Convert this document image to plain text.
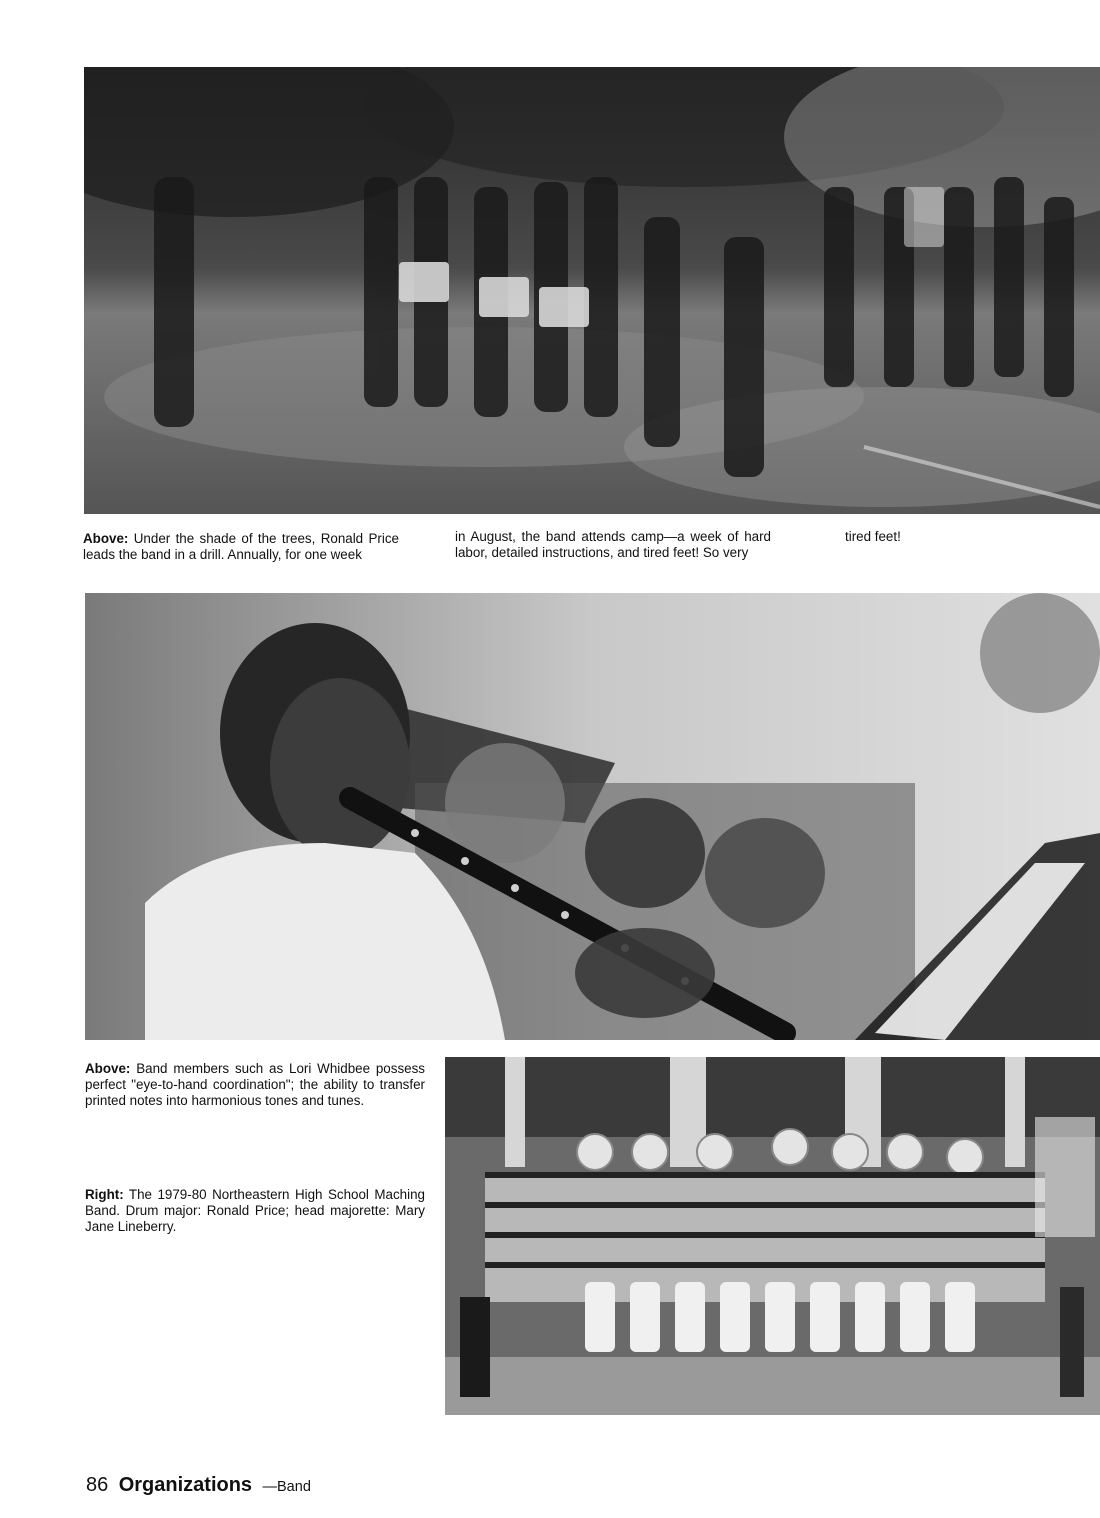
Above: Under the shade of the trees, Ronald Price leads the band in a drill. Annually, for one week
in August, the band attends camp—a week of hard labor, detailed instructions, and tired feet! So very
tired feet!
Above: Band members such as Lori Whidbee possess perfect "eye-to-hand coordination"; the ability to transfer printed notes into harmonious tones and tunes.
Right: The 1979-80 Northeastern High School Maching Band. Drum major: Ronald Price; head majorette: Mary Jane Lineberry.
86 Organizations —Band
